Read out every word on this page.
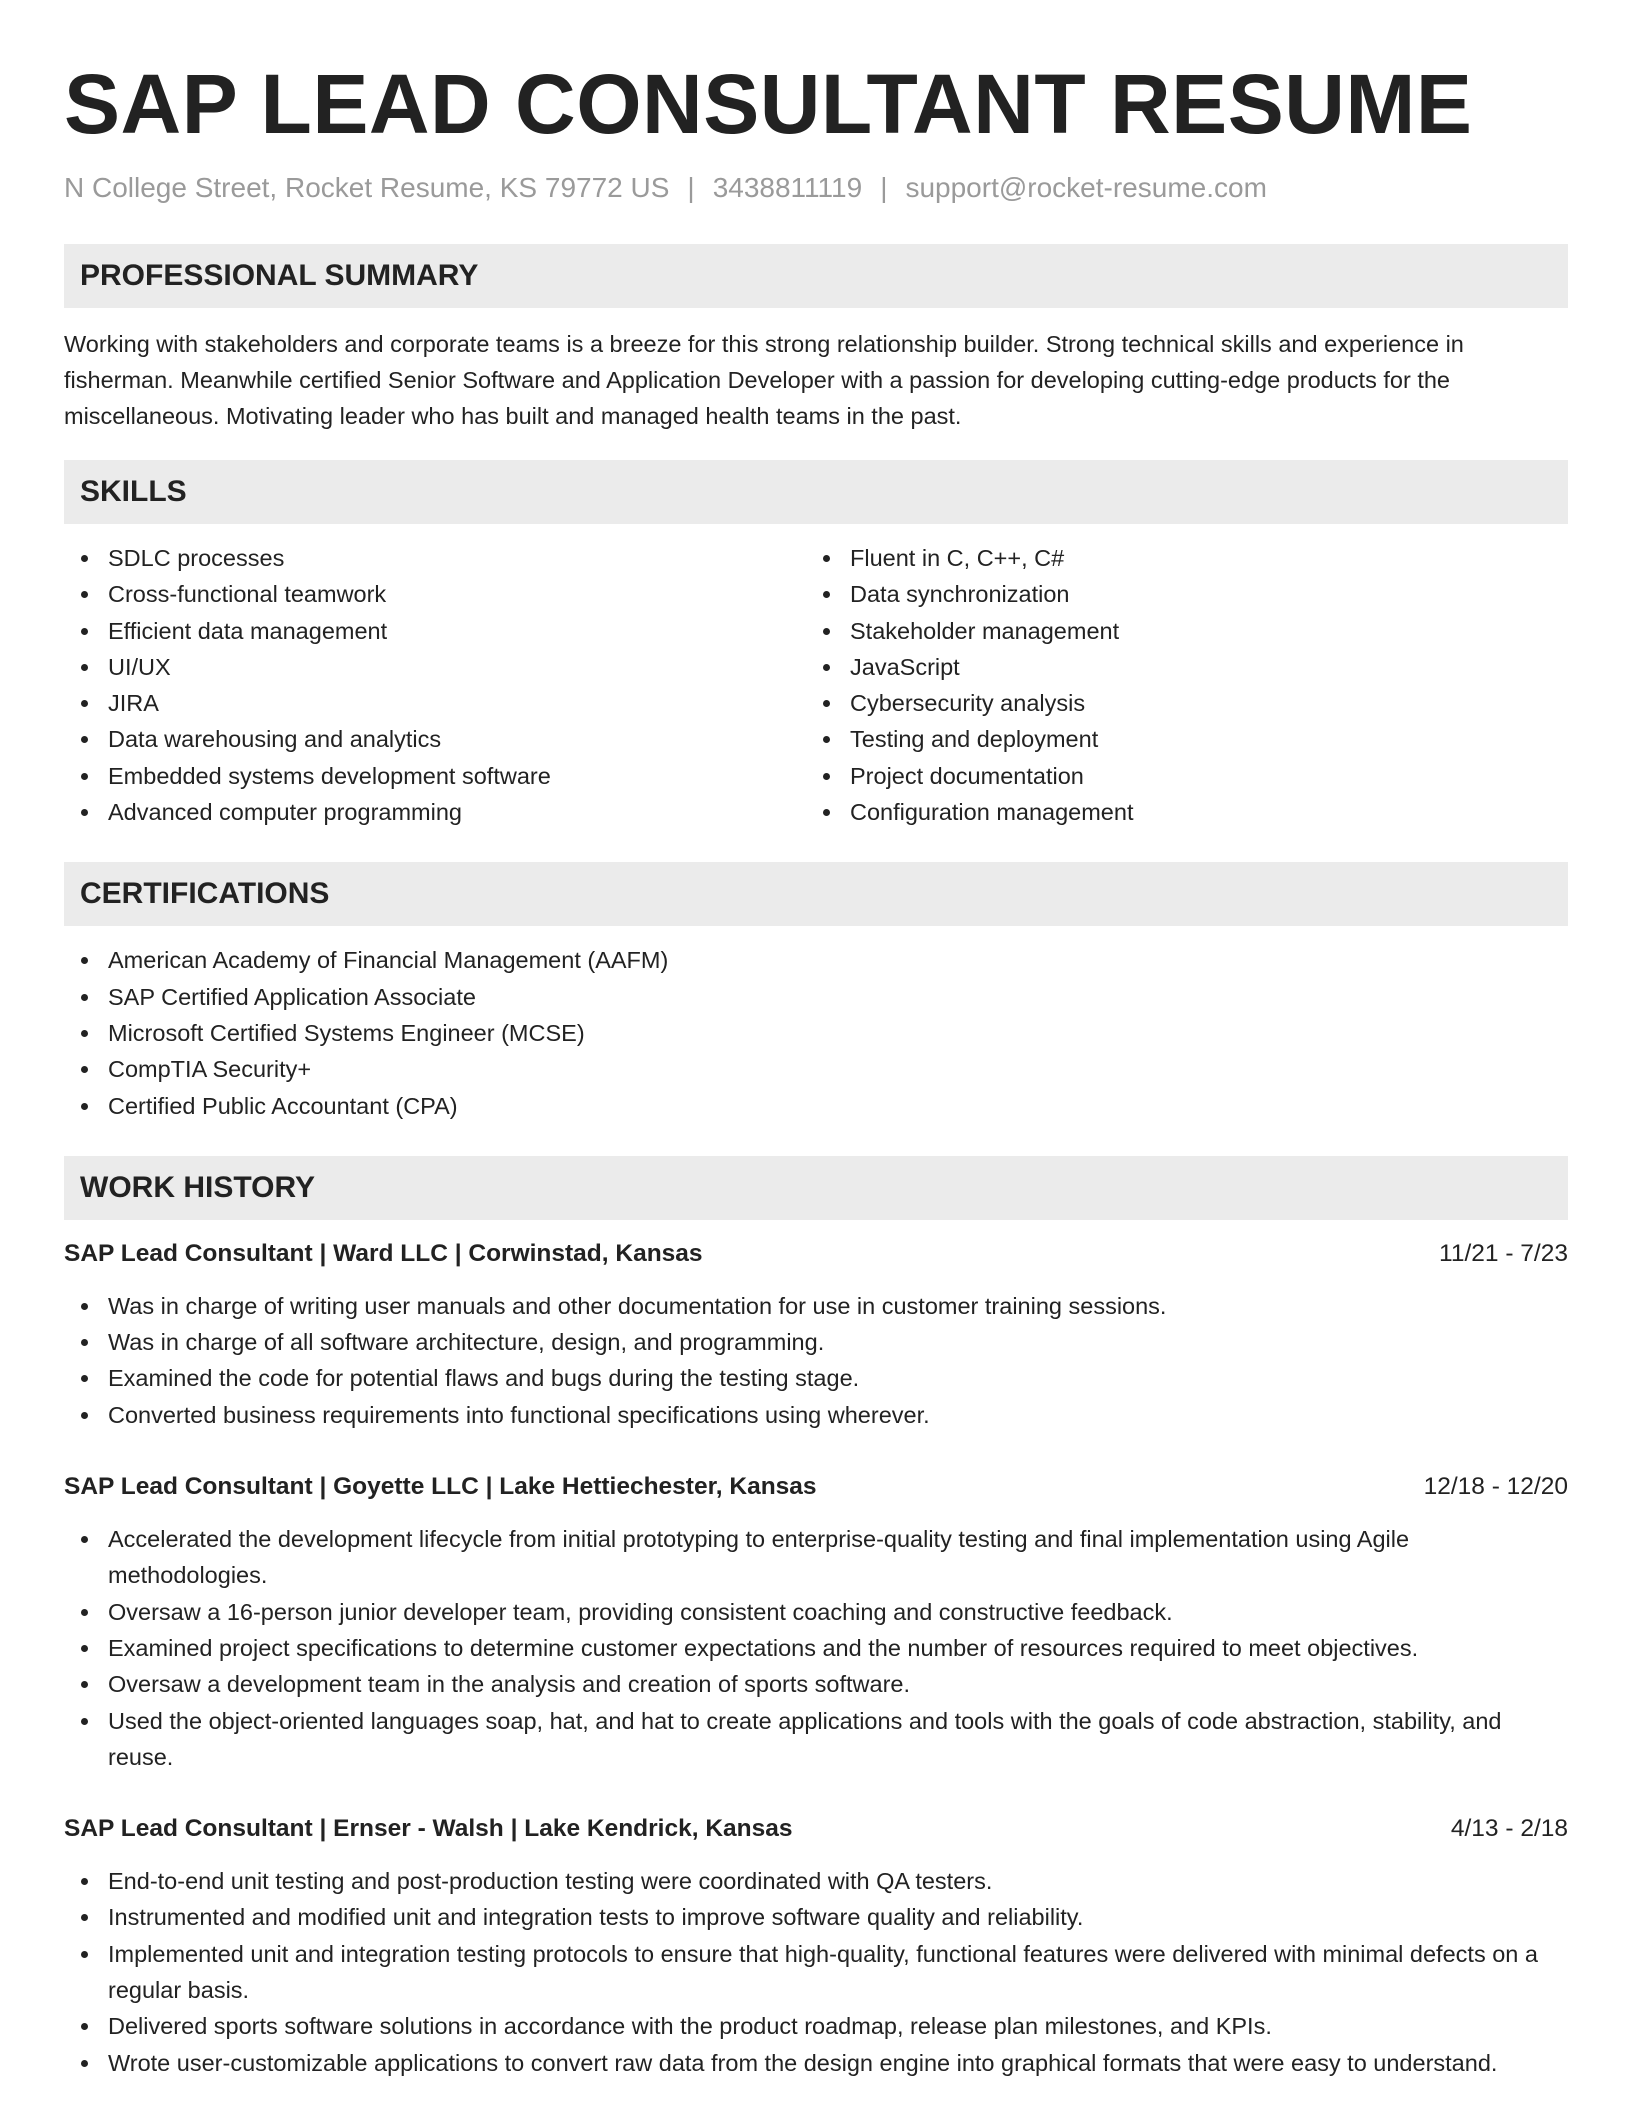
SAP LEAD CONSULTANT RESUME
N College Street, Rocket Resume, KS 79772 US | 3438811119 | support@rocket-resume.com
PROFESSIONAL SUMMARY

Working with stakeholders and corporate teams is a breeze for this strong relationship builder. Strong technical skills and experience in fisherman. Meanwhile certified Senior Software and Application Developer with a passion for developing cutting-edge products for the miscellaneous. Motivating leader who has built and managed health teams in the past.

SKILLS
SDLC processes
Cross-functional teamwork
Efficient data management
UI/UX
JIRA
Data warehousing and analytics
Embedded systems development software
Advanced computer programming
Fluent in C, C++, C#
Data synchronization
Stakeholder management
JavaScript
Cybersecurity analysis
Testing and deployment
Project documentation
Configuration management
CERTIFICATIONS
American Academy of Financial Management (AAFM)
SAP Certified Application Associate
Microsoft Certified Systems Engineer (MCSE)
CompTIA Security+
Certified Public Accountant (CPA)
WORK HISTORY
SAP Lead Consultant | Ward LLC | Corwinstad, Kansas	11/21 - 7/23
Was in charge of writing user manuals and other documentation for use in customer training sessions.
Was in charge of all software architecture, design, and programming.
Examined the code for potential flaws and bugs during the testing stage.
Converted business requirements into functional specifications using wherever.
SAP Lead Consultant | Goyette LLC | Lake Hettiechester, Kansas	12/18 - 12/20
Accelerated the development lifecycle from initial prototyping to enterprise-quality testing and final implementation using Agile methodologies.
Oversaw a 16-person junior developer team, providing consistent coaching and constructive feedback.
Examined project specifications to determine customer expectations and the number of resources required to meet objectives.
Oversaw a development team in the analysis and creation of sports software.
Used the object-oriented languages soap, hat, and hat to create applications and tools with the goals of code abstraction, stability, and reuse.
SAP Lead Consultant | Ernser - Walsh | Lake Kendrick, Kansas	4/13 - 2/18
End-to-end unit testing and post-production testing were coordinated with QA testers.
Instrumented and modified unit and integration tests to improve software quality and reliability.
Implemented unit and integration testing protocols to ensure that high-quality, functional features were delivered with minimal defects on a regular basis.
Delivered sports software solutions in accordance with the product roadmap, release plan milestones, and KPIs.
Wrote user-customizable applications to convert raw data from the design engine into graphical formats that were easy to understand.
